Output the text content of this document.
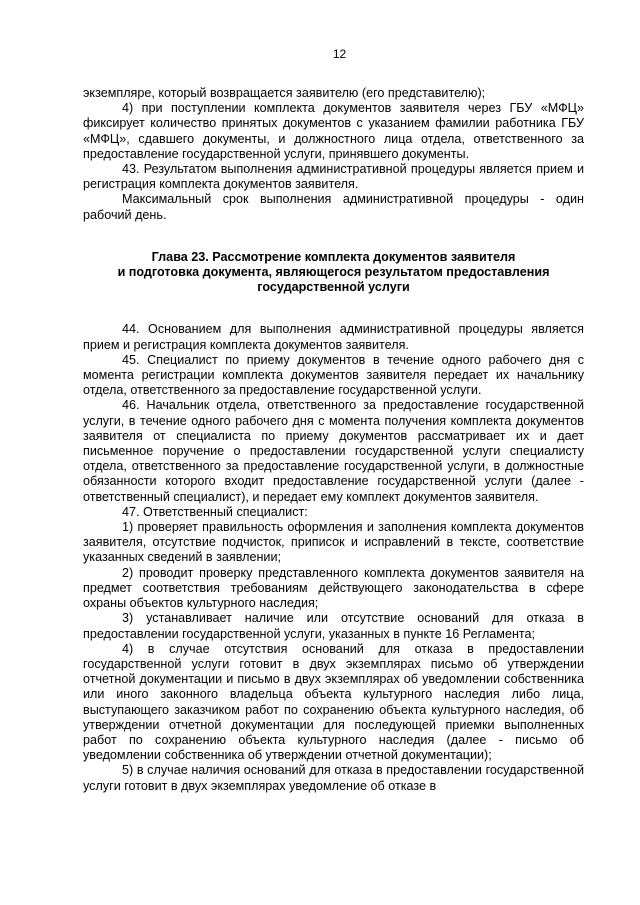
12

экземпляре, который возвращается заявителю (его представителю);

4) при поступлении комплекта документов заявителя через ГБУ «МФЦ» фиксирует количество принятых документов с указанием фамилии работника ГБУ «МФЦ», сдавшего документы, и должностного лица отдела, ответственного за предоставление государственной услуги, принявшего документы.

43. Результатом выполнения административной процедуры является прием и регистрация комплекта документов заявителя.

Максимальный срок выполнения административной процедуры - один рабочий день.

Глава 23. Рассмотрение комплекта документов заявителя
и подготовка документа, являющегося результатом предоставления
государственной услуги

44. Основанием для выполнения административной процедуры является прием и регистрация комплекта документов заявителя.

45. Специалист по приему документов в течение одного рабочего дня с момента регистрации комплекта документов заявителя передает их начальнику отдела, ответственного за предоставление государственной услуги.

46. Начальник отдела, ответственного за предоставление государственной услуги, в течение одного рабочего дня с момента получения комплекта документов заявителя от специалиста по приему документов рассматривает их и дает письменное поручение о предоставлении государственной услуги специалисту отдела, ответственного за предоставление государственной услуги, в должностные обязанности которого входит предоставление государственной услуги (далее - ответственный специалист), и передает ему комплект документов заявителя.

47. Ответственный специалист:

1) проверяет правильность оформления и заполнения комплекта документов заявителя, отсутствие подчисток, приписок и исправлений в тексте, соответствие указанных сведений в заявлении;

2) проводит проверку представленного комплекта документов заявителя на предмет соответствия требованиям действующего законодательства в сфере охраны объектов культурного наследия;

3) устанавливает наличие или отсутствие оснований для отказа в предоставлении государственной услуги, указанных в пункте 16 Регламента;

4) в случае отсутствия оснований для отказа в предоставлении государственной услуги готовит в двух экземплярах письмо об утверждении отчетной документации и письмо в двух экземплярах об уведомлении собственника или иного законного владельца объекта культурного наследия либо лица, выступающего заказчиком работ по сохранению объекта культурного наследия, об утверждении отчетной документации для последующей приемки выполненных работ по сохранению объекта культурного наследия (далее - письмо об уведомлении собственника об утверждении отчетной документации);

5) в случае наличия оснований для отказа в предоставлении государственной услуги готовит в двух экземплярах уведомление об отказе в
